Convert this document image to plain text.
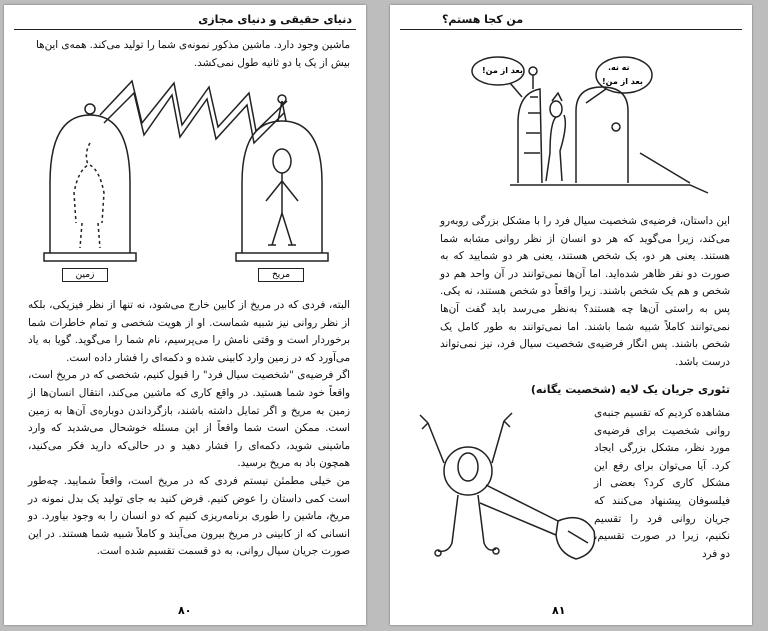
دنیای حقیقی و دنیای مجازی
ماشین وجود دارد. ماشین مذکور نمونه‌ی شما را تولید می‌کند. همه‌ی این‌ها بیش از یک یا دو ثانیه طول نمی‌کشد.
زمین	مریخ

البته، فردی که در مریخ از کابین خارج می‌شود، نه تنها از نظر فیزیکی، بلکه از نظر روانی نیز شبیه شماست. او از هویت شخصی و تمام خاطرات شما برخوردار است و وقتی نامش را می‌پرسیم، نام شما را می‌گوید. گویا به یاد می‌آورد که در زمین وارد کابینی شده و دکمه‌ای را فشار داده است.

اگر فرضیه‌ی "شخصیت سیال فرد" را قبول کنیم، شخصی که در مریخ است، واقعاً خود شما هستید. در واقع کاری که ماشین می‌کند، انتقال انسان‌ها از زمین به مریخ و اگر تمایل داشته باشند، بازگرداندن دوباره‌ی آن‌ها به زمین است. ممکن است شما واقعاً از این مسئله خوشحال می‌شدید که وارد ماشینی شوید، دکمه‌ای را فشار دهید و در حالی‌که دارید فکر می‌کنید، همچون باد به مریخ برسید.

من خیلی مطمئن نیستم فردی که در مریخ است، واقعاً شمایید. چه‌طور است کمی داستان را عوض کنیم. فرض کنید به جای تولید یک بدل نمونه در مریخ، ماشین را طوری برنامه‌ریزی کنیم که دو انسان را به وجود بیاورد. دو انسانی که از کابینی در مریخ بیرون می‌آیند و کاملاً شبیه شما هستند. در این صورت جریان سیال روانی، به دو قسمت تقسیم شده است.

۸۰
من کجا هستم؟
بعد از من!	نه نه.
بعد از من!
این داستان، فرضیه‌ی شخصیت سیال فرد را با مشکل بزرگی روبه‌رو می‌کند، زیرا می‌گوید که هر دو انسان از نظر روانی مشابه شما هستند. یعنی هر دو، یک شخص هستند، یعنی هر دو شمایید که به صورت دو نفر ظاهر شده‌اید. اما آن‌ها نمی‌توانند در آن واحد هم دو شخص و هم یک شخص باشند. زیرا واقعاً دو شخص هستند، نه یکی. پس به راستی آن‌ها چه هستند؟ به‌نظر می‌رسد باید گفت آن‌ها نمی‌توانند کاملاً شبیه شما باشند. اما نمی‌توانند به طور کامل یک شخص باشند. پس انگار فرضیه‌ی شخصیت سیال فرد، نیز نمی‌تواند درست باشد.
تئوری جریان یک لایه (شخصیت یگانه)
مشاهده کردیم که تقسیم جنبه‌ی روانی شخصیت برای فرضیه‌ی مورد نظر، مشکل بزرگی ایجاد کرد. آیا می‌توان برای رفع این مشکل کاری کرد؟ بعضی از فیلسوفان پیشنهاد می‌کنند که جریان روانی فرد را تقسیم نکنیم، زیرا در صورت تقسیم، دو فرد
۸۱
